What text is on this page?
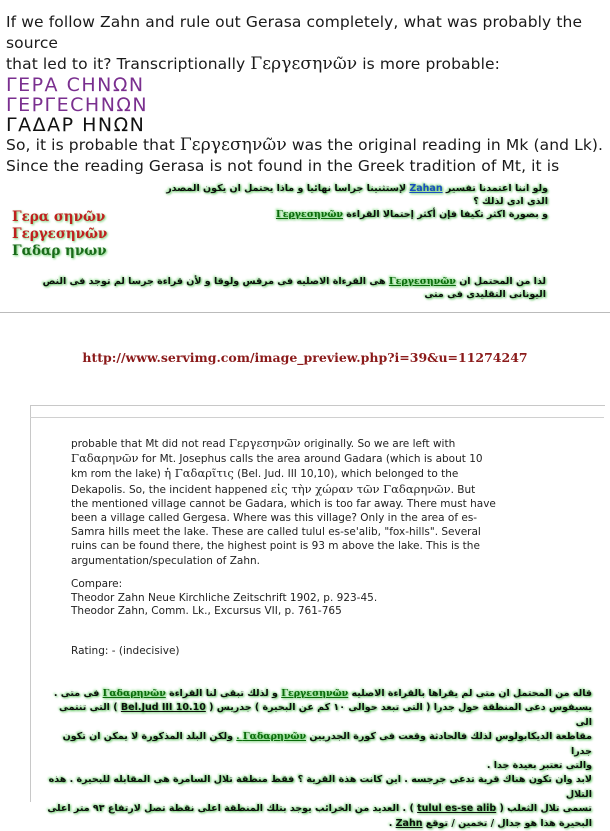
If we follow Zahn and rule out Gerasa completely, what was probably the source

that led to it? Transcriptionally Γεργεσηνῶν is more probable:

ΓΕΡΑ СΗΝΩΝ

ΓΕΡΓΕСΗΝΩΝ

ΓΑΔΑΡ ΗΝΩΝ

So, it is probable that Γεργεσηνῶν was the original reading in Mk (and Lk).

Since the reading Gerasa is not found in the Greek tradition of Mt, it is

ولو اننا اعتمدنا تفسير Zahan لإستثنينا جراسا نهائيا و ماذا يحتمل ان يكون المصدر الذى ادى لذلك ؟
و بصورة اكثر تكيفا فإن أكثر إحتمالا القراءة Γεργεσηνῶν
Γερα σηνῶν
Γεργεσηνῶν
Γαδαρ ηνων
لذا من المحتمل ان Γεργεσηνῶν هى القرءاة الاصليه فى مرقس ولوقا و لأن قراءة جرسا لم توجد فى النص اليونانى التقليدى فى متى
http://www.servimg.com/image_preview.php?i=39&u=11274247

probable that Mt did not read Γεργεσηνῶν originally. So we are left with

Γαδαρηνῶν for Mt. Josephus calls the area around Gadara (which is about 10

km rom the lake) ἡ Γαδαρῖτις (Bel. Jud. III 10,10), which belonged to the

Dekapolis. So, the incident happened εἰς τὴν χώραν τῶν Γαδαρηνῶν. But

the mentioned village cannot be Gadara, which is too far away. There must have

been a village called Gergesa. Where was this village? Only in the area of es-

Samra hills meet the lake. These are called tulul es-se'alib, "fox-hills". Several

ruins can be found there, the highest point is 93 m above the lake. This is the

argumentation/speculation of Zahn.

Compare:

Theodor Zahn Neue Kirchliche Zeitschrift 1902, p. 923-45.

Theodor Zahn, Comm. Lk., Excursus VII, p. 761-765

Rating: - (indecisive)
قاله من المحتمل ان متى لم يقراها بالقراءة الاصليه Γεργεσηνῶν و لذلك تبقى لنا القراءة Γαδαρηνῶν فى متى .
يسيفوس دعى المنطقة حول جدرا ( التى تبعد حوالى ١٠ كم عن البحيرة ) جدريس ( Bel.Jud III 10.10 ) التى تنتمى الى
مقاطعة الديكابولوس لذلك فالحادثة وقعت فى كورة الجدريين Γαδαρηνῶν . ولكن البلد المذكورة لا يمكن ان تكون جدرا
والتى تعتبر بعيدة جدا .
لابد وان تكون هناك قرية تدعى جرجسه . اين كانت هذة القرية ؟ فقط منطقة تلال السامرة هى المقابله للبحيرة . هذه التلال
تسمى تلال الثعلب ( tulul es-se alib ) . العديد من الخرائب يوجد بتلك المنطقة اعلى نقطة تصل لارتفاع ٩٣ متر اعلى
البحيرة هذا هو جدال / تخمين / توقع Zahn .
